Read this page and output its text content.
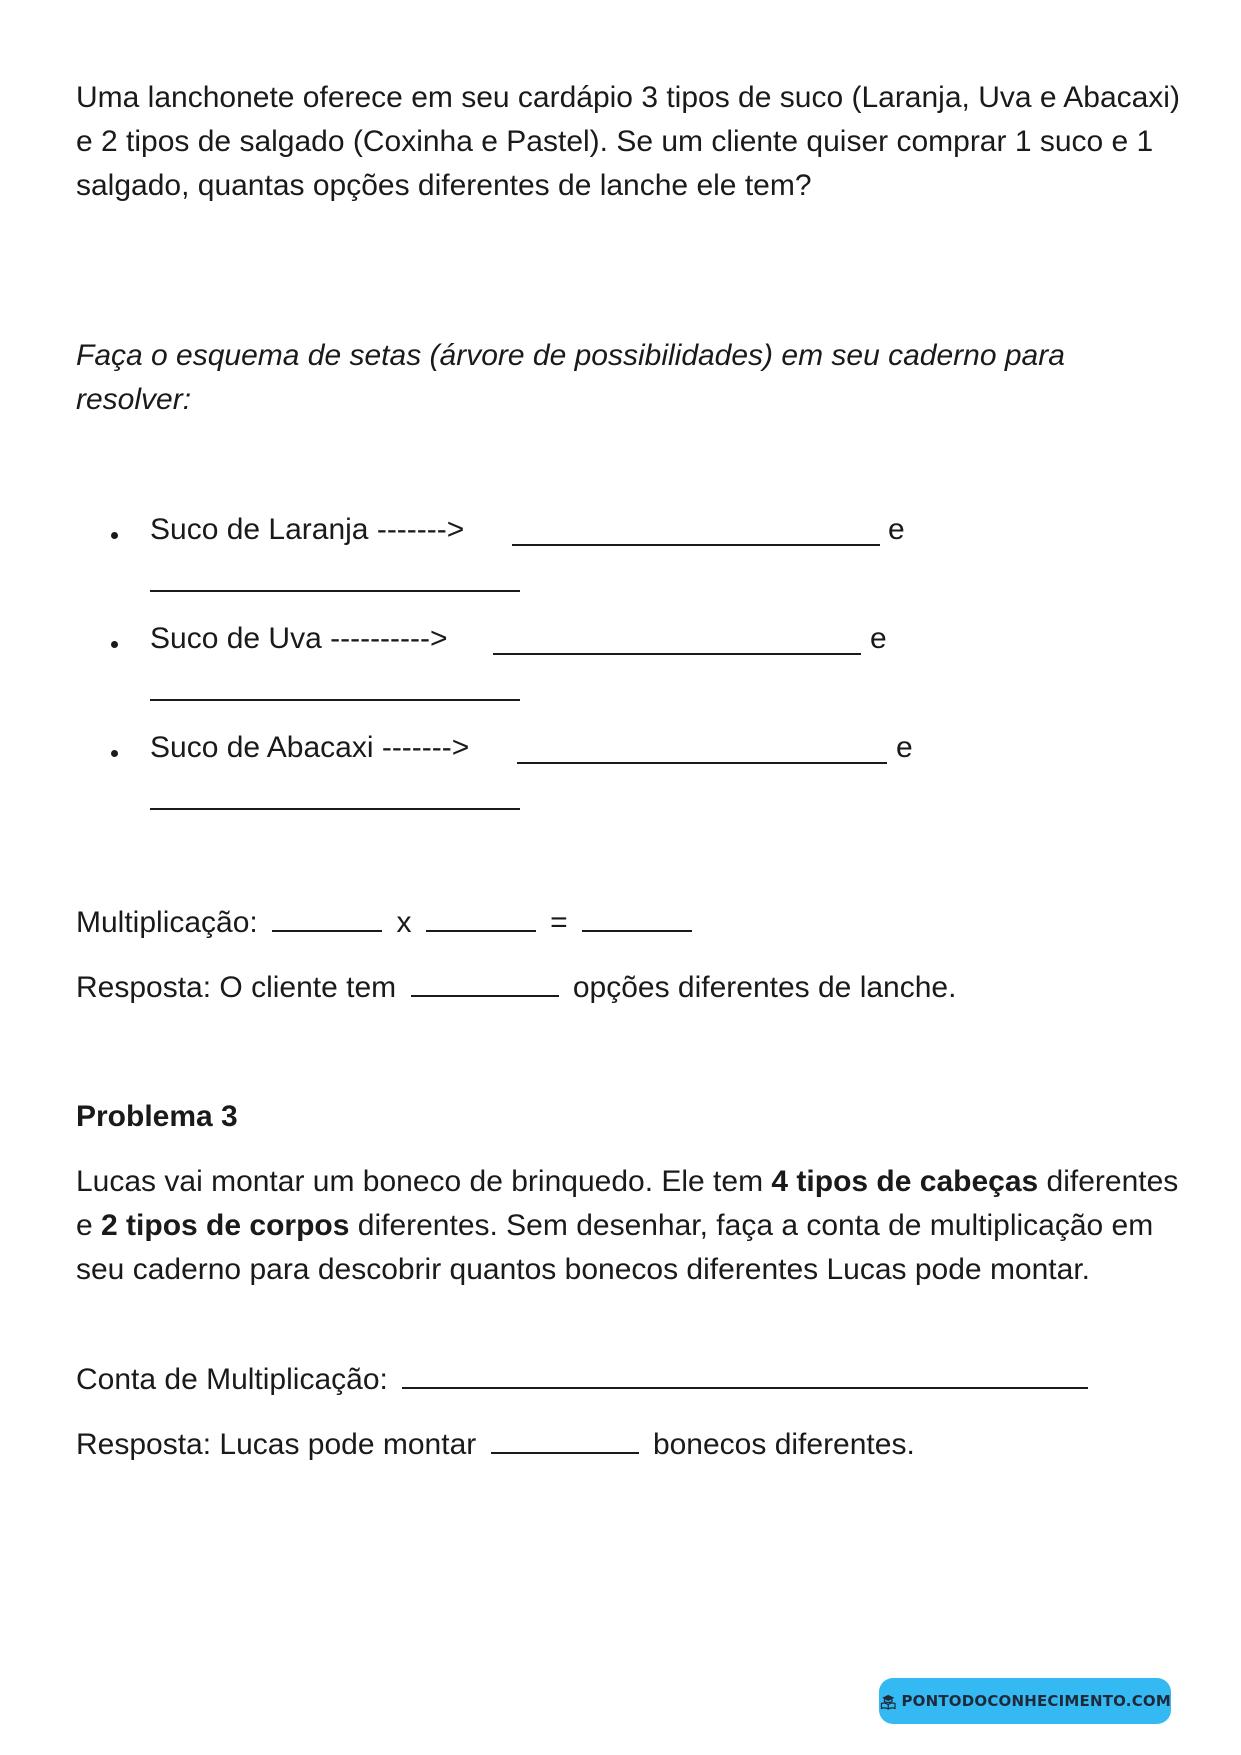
Uma lanchonete oferece em seu cardápio 3 tipos de suco (Laranja, Uva e Abacaxi) e 2 tipos de salgado (Coxinha e Pastel). Se um cliente quiser comprar 1 suco e 1 salgado, quantas opções diferentes de lanche ele tem?

Faça o esquema de setas (árvore de possibilidades) em seu caderno para resolver:

Suco de Laranja ------->	e
Suco de Uva ---------->	e
Suco de Abacaxi ------->	e
Multiplicação:	x	=
Resposta: O cliente tem	opções diferentes de lanche.

Problema 3

Lucas vai montar um boneco de brinquedo. Ele tem 4 tipos de cabeças diferentes e 2 tipos de corpos diferentes. Sem desenhar, faça a conta de multiplicação em seu caderno para descobrir quantos bonecos diferentes Lucas pode montar.

Conta de Multiplicação:
Resposta: Lucas pode montar	bonecos diferentes.
PONTODOCONHECIMENTO.COM
